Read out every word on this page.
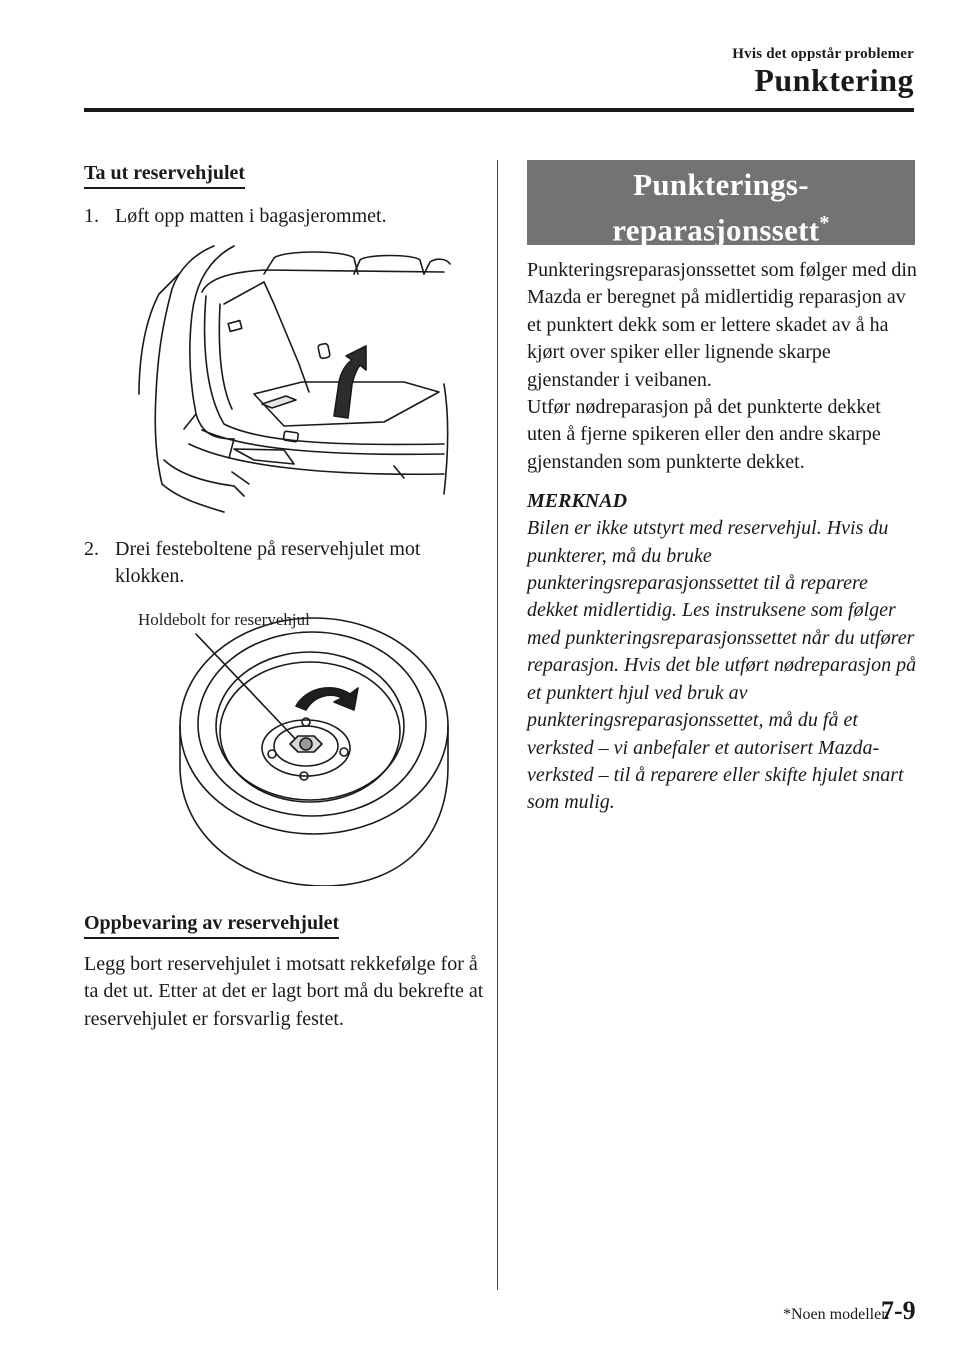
Hvis det oppstår problemer
Punktering
Ta ut reservehjulet

1. Løft opp matten i bagasjerommet.

2. Drei festeboltene på reservehjulet mot klokken.

Holdebolt for reservehjul
Oppbevaring av reservehjulet

Legg bort reservehjulet i motsatt rekkefølge for å ta det ut. Etter at det er lagt bort må du bekrefte at reservehjulet er forsvarlig festet.

Punkterings-
reparasjonssett*

Punkteringsreparasjonssettet som følger med din Mazda er beregnet på midlertidig reparasjon av et punktert dekk som er lettere skadet av å ha kjørt over spiker eller lignende skarpe gjenstander i veibanen.

Utfør nødreparasjon på det punkterte dekket uten å fjerne spikeren eller den andre skarpe gjenstanden som punkterte dekket.

MERKNAD

Bilen er ikke utstyrt med reservehjul. Hvis du punkterer, må du bruke punkteringsreparasjonssettet til å reparere dekket midlertidig. Les instruksene som følger med punkteringsreparasjonssettet når du utfører reparasjon. Hvis det ble utført nødreparasjon på et punktert hjul ved bruk av punkteringsreparasjonssettet, må du få et verksted – vi anbefaler et autorisert Mazda-verksted – til å reparere eller skifte hjulet snart som mulig.

*Noen modeller.
7-9
